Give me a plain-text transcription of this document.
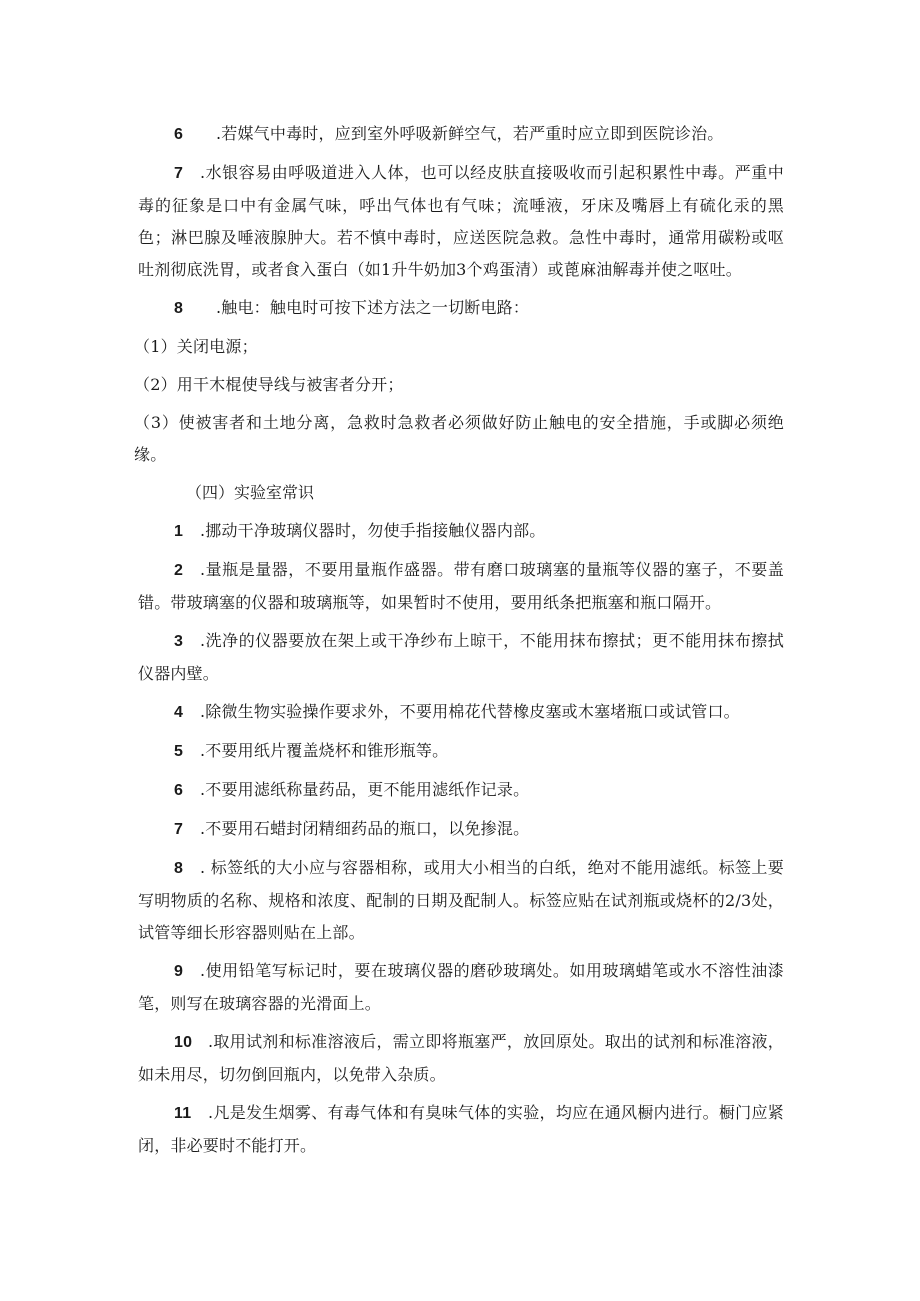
6 .若媒气中毒时，应到室外呼吸新鲜空气，若严重时应立即到医院诊治。

7 .水银容易由呼吸道进入人体，也可以经皮肤直接吸收而引起积累性中毒。严重中毒的征象是口中有金属气味，呼出气体也有气味；流唾液，牙床及嘴唇上有硫化汞的黑色；淋巴腺及唾液腺肿大。若不慎中毒时，应送医院急救。急性中毒时，通常用碳粉或呕吐剂彻底洗胃，或者食入蛋白（如1升牛奶加3个鸡蛋清）或蓖麻油解毒并使之呕吐。

8 .触电：触电时可按下述方法之一切断电路：

（1）关闭电源；

（2）用干木棍使导线与被害者分开；

（3）使被害者和土地分离，急救时急救者必须做好防止触电的安全措施，手或脚必须绝缘。

（四）实验室常识

1 .挪动干净玻璃仪器时，勿使手指接触仪器内部。

2 .量瓶是量器，不要用量瓶作盛器。带有磨口玻璃塞的量瓶等仪器的塞子，不要盖错。带玻璃塞的仪器和玻璃瓶等，如果暂时不使用，要用纸条把瓶塞和瓶口隔开。

3 .洗净的仪器要放在架上或干净纱布上晾干，不能用抹布擦拭；更不能用抹布擦拭仪器内壁。

4 .除微生物实验操作要求外，不要用棉花代替橡皮塞或木塞堵瓶口或试管口。

5 .不要用纸片覆盖烧杯和锥形瓶等。

6 .不要用滤纸称量药品，更不能用滤纸作记录。

7 .不要用石蜡封闭精细药品的瓶口，以免掺混。

8 . 标签纸的大小应与容器相称，或用大小相当的白纸，绝对不能用滤纸。标签上要写明物质的名称、规格和浓度、配制的日期及配制人。标签应贴在试剂瓶或烧杯的2/3处，试管等细长形容器则贴在上部。

9 .使用铅笔写标记时，要在玻璃仪器的磨砂玻璃处。如用玻璃蜡笔或水不溶性油漆笔，则写在玻璃容器的光滑面上。

10 .取用试剂和标准溶液后，需立即将瓶塞严，放回原处。取出的试剂和标准溶液，如未用尽，切勿倒回瓶内，以免带入杂质。

11 .凡是发生烟雾、有毒气体和有臭味气体的实验，均应在通风橱内进行。橱门应紧闭，非必要时不能打开。
